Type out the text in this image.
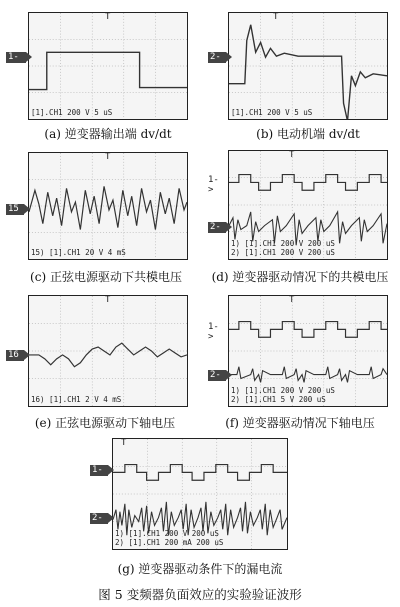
T
[1].CH1 200 V 5 uS
1->
(a) 逆变器输出端 dv/dt
T
[1].CH1 200 V 5 uS
2->
(b) 电动机端 dv/dt
T
15) [1].CH1 20 V 4 mS
15
(c) 正弦电源驱动下共模电压
T
1) [1].CH1 200 V 200 uS
2) [1].CH1 200 V 200 uS
1->
2->
(d) 逆变器驱动情况下的共模电压
T
16) [1].CH1 2 V 4 mS
16
(e) 正弦电源驱动下轴电压
T
1) [1].CH1 200 V 200 uS
2) [1].CH1 5 V 200 uS
1->
2->
(f) 逆变器驱动情况下轴电压
T
1) [1].CH1 200 V 200 uS
2) [1].CH1 200 mA 200 uS
1->
2->
(g) 逆变器驱动条件下的漏电流
图 5 变频器负面效应的实验验证波形
